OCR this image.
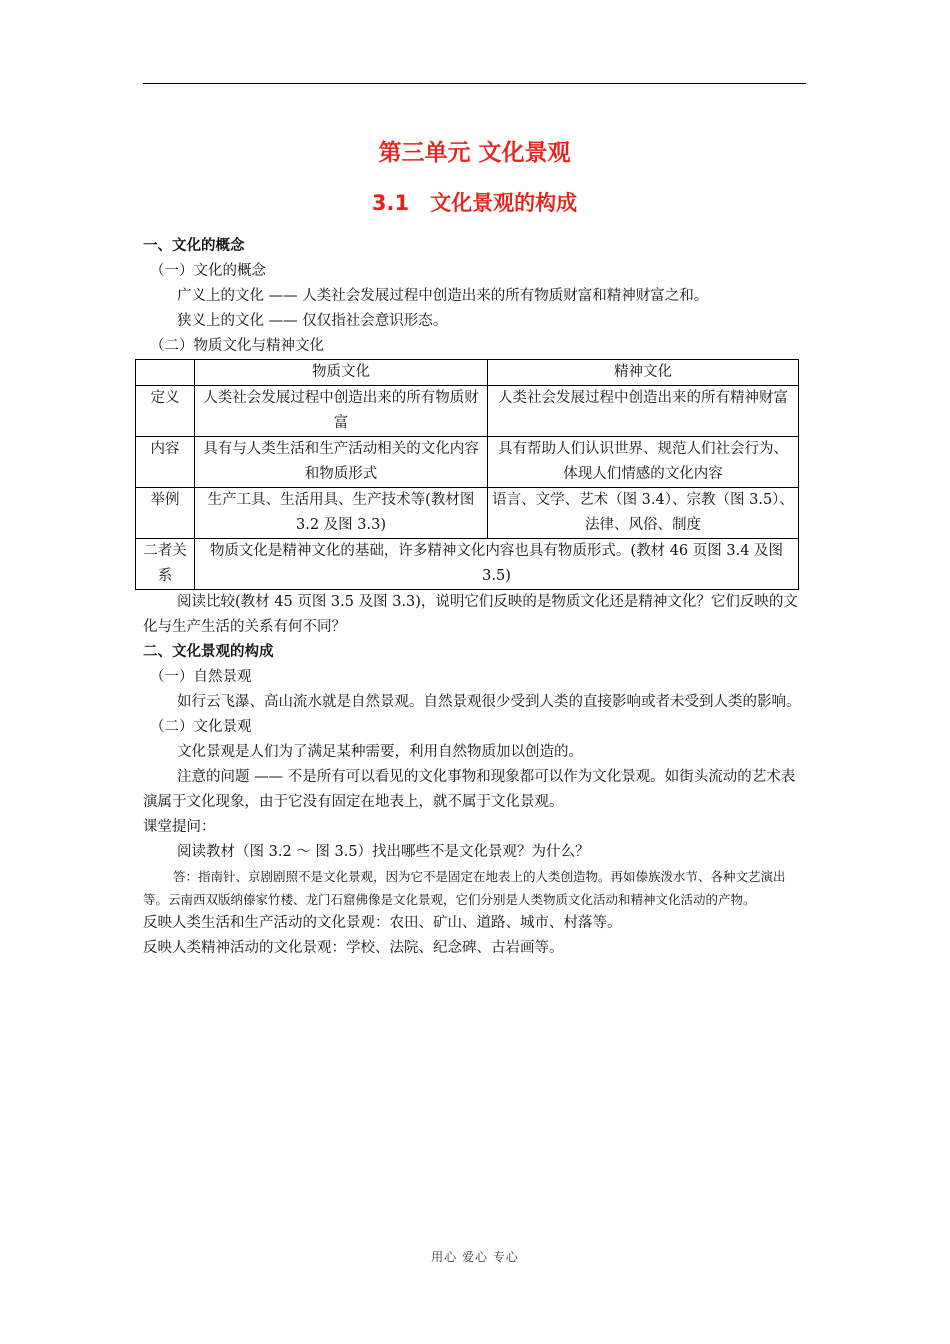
第三单元 文化景观
3.1　文化景观的构成
一、文化的概念
（一）文化的概念
广义上的文化 —— 人类社会发展过程中创造出来的所有物质财富和精神财富之和。
狭义上的文化 —— 仅仅指社会意识形态。
（二）物质文化与精神文化
	物质文化	精神文化
定义	人类社会发展过程中创造出来的所有物质财富	人类社会发展过程中创造出来的所有精神财富
内容	具有与人类生活和生产活动相关的文化内容和物质形式	具有帮助人们认识世界、规范人们社会行为、体现人们情感的文化内容
举例	生产工具、生活用具、生产技术等(教材图 3.2 及图 3.3)	语言、文学、艺术（图 3.4）、宗教（图 3.5）、法律、风俗、制度
二者关系	物质文化是精神文化的基础，许多精神文化内容也具有物质形式。(教材 46 页图 3.4 及图 3.5)	
阅读比较(教材 45 页图 3.5 及图 3.3)，说明它们反映的是物质文化还是精神文化？它们反映的文化与生产生活的关系有何不同？
二、文化景观的构成
（一）自然景观
如行云飞瀑、高山流水就是自然景观。自然景观很少受到人类的直接影响或者未受到人类的影响。
（二）文化景观
文化景观是人们为了满足某种需要，利用自然物质加以创造的。
注意的问题 —— 不是所有可以看见的文化事物和现象都可以作为文化景观。如街头流动的艺术表演属于文化现象，由于它没有固定在地表上，就不属于文化景观。
课堂提问：
阅读教材（图 3.2 ～ 图 3.5）找出哪些不是文化景观？为什么？
答：指南针、京剧剧照不是文化景观，因为它不是固定在地表上的人类创造物。再如傣族泼水节、各种文艺演出等。云南西双版纳傣家竹楼、龙门石窟佛像是文化景观，它们分别是人类物质文化活动和精神文化活动的产物。
反映人类生活和生产活动的文化景观：农田、矿山、道路、城市、村落等。
反映人类精神活动的文化景观：学校、法院、纪念碑、古岩画等。
用心 爱心 专心
